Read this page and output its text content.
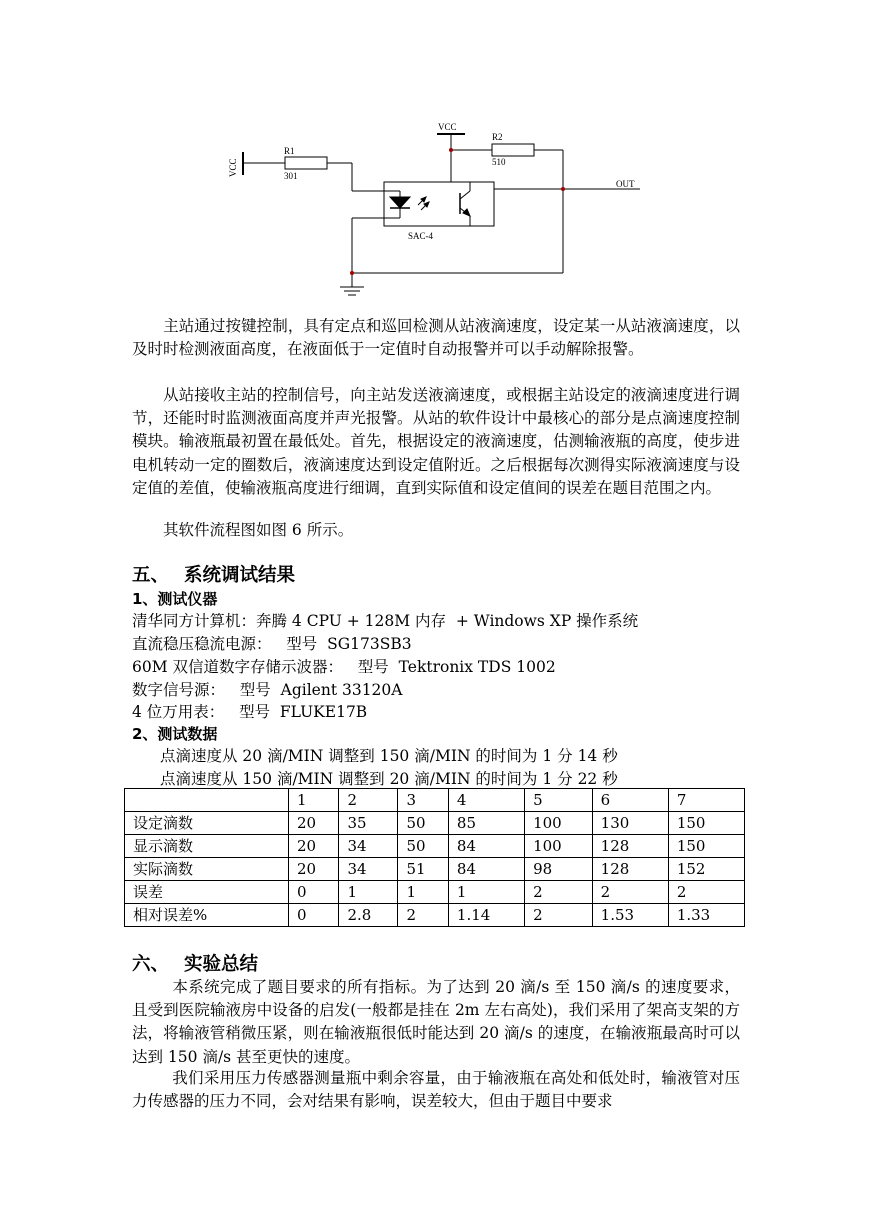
VCC
VCC
R1
301
R2
510
SAC-4
OUT

主站通过按键控制，具有定点和巡回检测从站液滴速度，设定某一从站液滴速度，以及时时检测液面高度，在液面低于一定值时自动报警并可以手动解除报警。

从站接收主站的控制信号，向主站发送液滴速度，或根据主站设定的液滴速度进行调节，还能时时监测液面高度并声光报警。从站的软件设计中最核心的部分是点滴速度控制模块。输液瓶最初置在最低处。首先，根据设定的液滴速度，估测输液瓶的高度，使步进电机转动一定的圈数后，液滴速度达到设定值附近。之后根据每次测得实际液滴速度与设定值的差值，使输液瓶高度进行细调，直到实际值和设定值间的误差在题目范围之内。

其软件流程图如图 6 所示。

五、 系统调试结果
1、测试仪器

清华同方计算机：奔腾 4 CPU + 128M 内存  + Windows XP 操作系统

直流稳压稳流电源：   型号  SG173SB3

60M 双信道数字存储示波器：   型号  Tektronix TDS 1002

数字信号源：   型号  Agilent 33120A

4 位万用表：   型号  FLUKE17B

2、测试数据

点滴速度从 20 滴/MIN 调整到 150 滴/MIN 的时间为 1 分 14 秒

点滴速度从 150 滴/MIN 调整到 20 滴/MIN 的时间为 1 分 22 秒

	1	2	3	4	5	6	7
设定滴数	20	35	50	85	100	130	150
显示滴数	20	34	50	84	100	128	150
实际滴数	20	34	51	84	98	128	152
误差	0	1	1	1	2	2	2
相对误差%	0	2.8	2	1.14	2	1.53	1.33
六、 实验总结

本系统完成了题目要求的所有指标。为了达到 20 滴/s 至 150 滴/s 的速度要求，且受到医院输液房中设备的启发(一般都是挂在 2m 左右高处)，我们采用了架高支架的方法，将输液管稍微压紧，则在输液瓶很低时能达到 20 滴/s 的速度，在输液瓶最高时可以达到 150 滴/s 甚至更快的速度。

我们采用压力传感器测量瓶中剩余容量，由于输液瓶在高处和低处时，输液管对压力传感器的压力不同，会对结果有影响，误差较大，但由于题目中要求
